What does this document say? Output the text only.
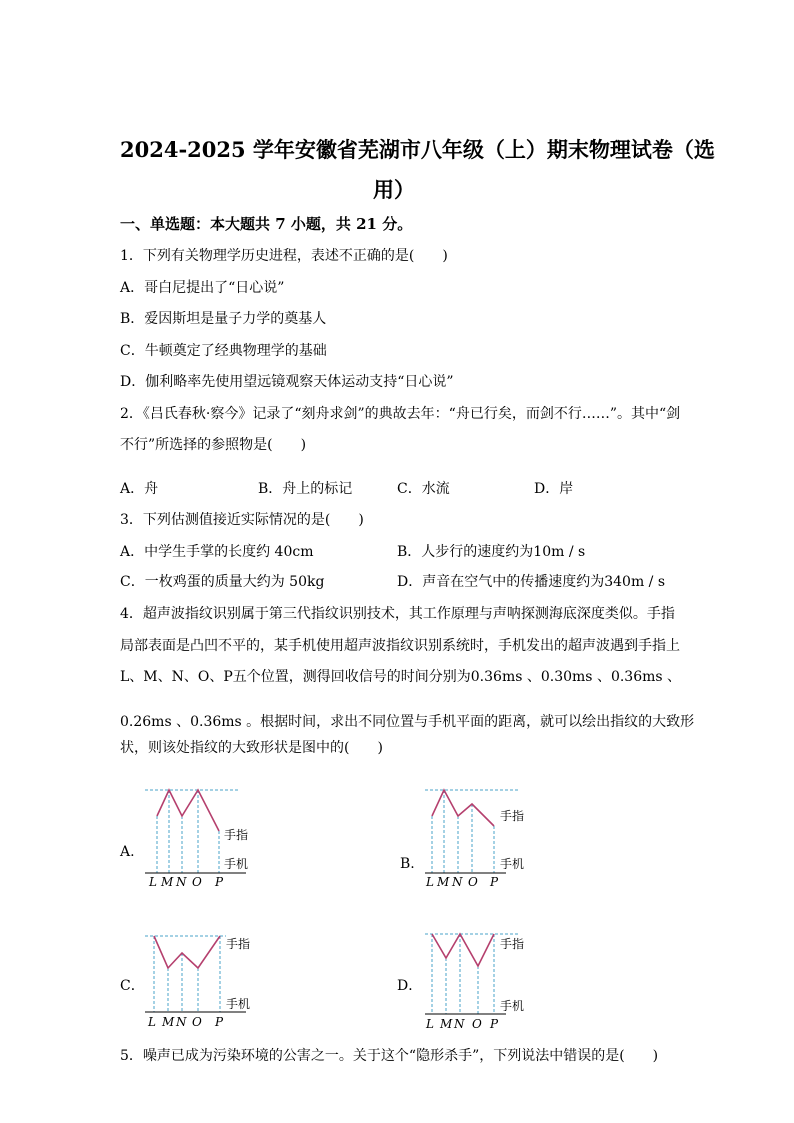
2024-2025 学年安徽省芜湖市八年级（上）期末物理试卷（选
用）
一、单选题：本大题共 7 小题，共 21 分。
1．下列有关物理学历史进程，表述不正确的是(　　)
A．哥白尼提出了“日心说”
B．爱因斯坦是量子力学的奠基人
C．牛顿奠定了经典物理学的基础
D．伽利略率先使用望远镜观察天体运动支持“日心说”
2．《吕氏春秋·察今》记录了“刻舟求剑”的典故去年：“舟已行矣，而剑不行……”。其中“剑
不行”所选择的参照物是(　　)
A．舟	B．舟上的标记	C．水流	D．岸
3．下列估测值接近实际情况的是(　　)
A．中学生手掌的长度约 40cm	B．人步行的速度约为10m / s
C．一枚鸡蛋的质量大约为 50kg	D．声音在空气中的传播速度约为340m / s
4．超声波指纹识别属于第三代指纹识别技术，其工作原理与声呐探测海底深度类似。手指
局部表面是凸凹不平的，某手机使用超声波指纹识别系统时，手机发出的超声波遇到手指上
L、M、N、O、P五个位置，测得回收信号的时间分别为0.36ms 、0.30ms 、0.36ms 、
0.26ms 、0.36ms 。根据时间，求出不同位置与手机平面的距离，就可以绘出指纹的大致形
状，则该处指纹的大致形状是图中的(　　)
A.
B.
C．	D．
手指
手机
L M N O P
手指
手机
L M N O P
手指
手机
L M N O P
手指
手机
L M N O P
5．噪声已成为污染环境的公害之一。关于这个“隐形杀手”，下列说法中错误的是(　　)
